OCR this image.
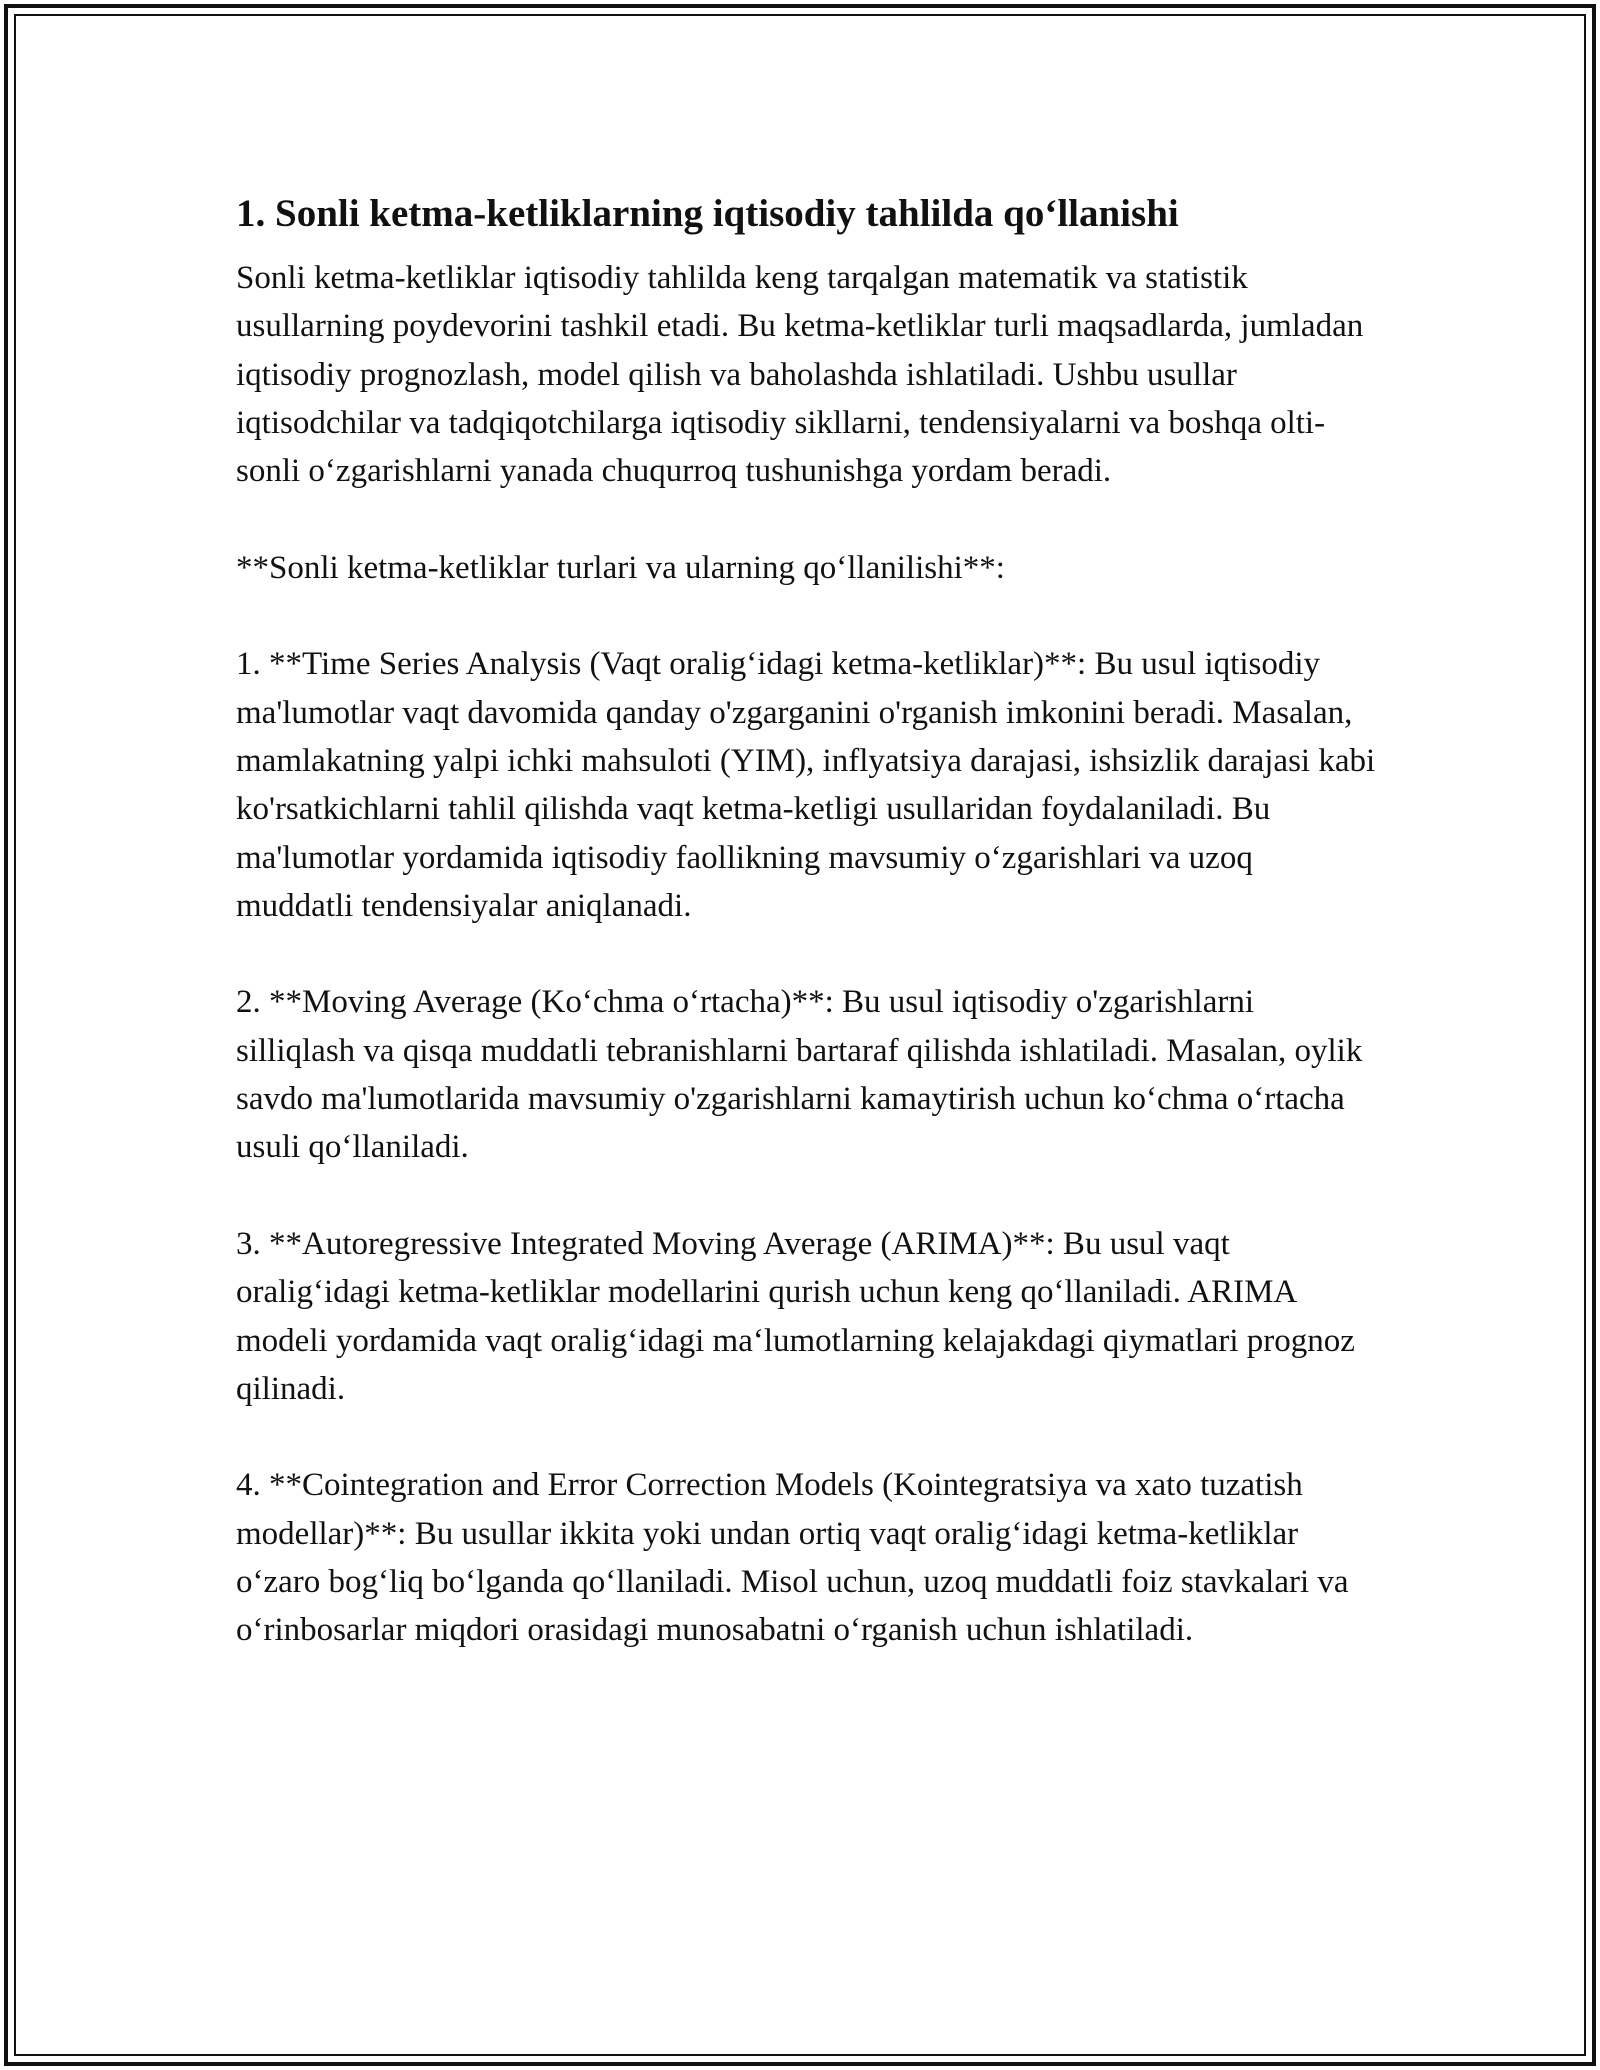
1. Sonli ketma-ketliklarning iqtisodiy tahlilda qo‘llanishi

Sonli ketma-ketliklar iqtisodiy tahlilda keng tarqalgan matematik va statistik usullarning poydevorini tashkil etadi. Bu ketma-ketliklar turli maqsadlarda, jumladan iqtisodiy prognozlash, model qilish va baholashda ishlatiladi. Ushbu usullar iqtisodchilar va tadqiqotchilarga iqtisodiy sikllarni, tendensiyalarni va boshqa olti-sonli o‘zgarishlarni yanada chuqurroq tushunishga yordam beradi.

**Sonli ketma-ketliklar turlari va ularning qo‘llanilishi**:

1. **Time Series Analysis (Vaqt oralig‘idagi ketma-ketliklar)**: Bu usul iqtisodiy ma'lumotlar vaqt davomida qanday o'zgarganini o'rganish imkonini beradi. Masalan, mamlakatning yalpi ichki mahsuloti (YIM), inflyatsiya darajasi, ishsizlik darajasi kabi ko'rsatkichlarni tahlil qilishda vaqt ketma-ketligi usullaridan foydalaniladi. Bu ma'lumotlar yordamida iqtisodiy faollikning mavsumiy o‘zgarishlari va uzoq muddatli tendensiyalar aniqlanadi.

2. **Moving Average (Ko‘chma o‘rtacha)**: Bu usul iqtisodiy o'zgarishlarni silliqlash va qisqa muddatli tebranishlarni bartaraf qilishda ishlatiladi. Masalan, oylik savdo ma'lumotlarida mavsumiy o'zgarishlarni kamaytirish uchun ko‘chma o‘rtacha usuli qo‘llaniladi.

3. **Autoregressive Integrated Moving Average (ARIMA)**: Bu usul vaqt oralig‘idagi ketma-ketliklar modellarini qurish uchun keng qo‘llaniladi. ARIMA modeli yordamida vaqt oralig‘idagi ma‘lumotlarning kelajakdagi qiymatlari prognoz qilinadi.

4. **Cointegration and Error Correction Models (Kointegratsiya va xato tuzatish modellar)**: Bu usullar ikkita yoki undan ortiq vaqt oralig‘idagi ketma-ketliklar o‘zaro bog‘liq bo‘lganda qo‘llaniladi. Misol uchun, uzoq muddatli foiz stavkalari va o‘rinbosarlar miqdori orasidagi munosabatni o‘rganish uchun ishlatiladi.
